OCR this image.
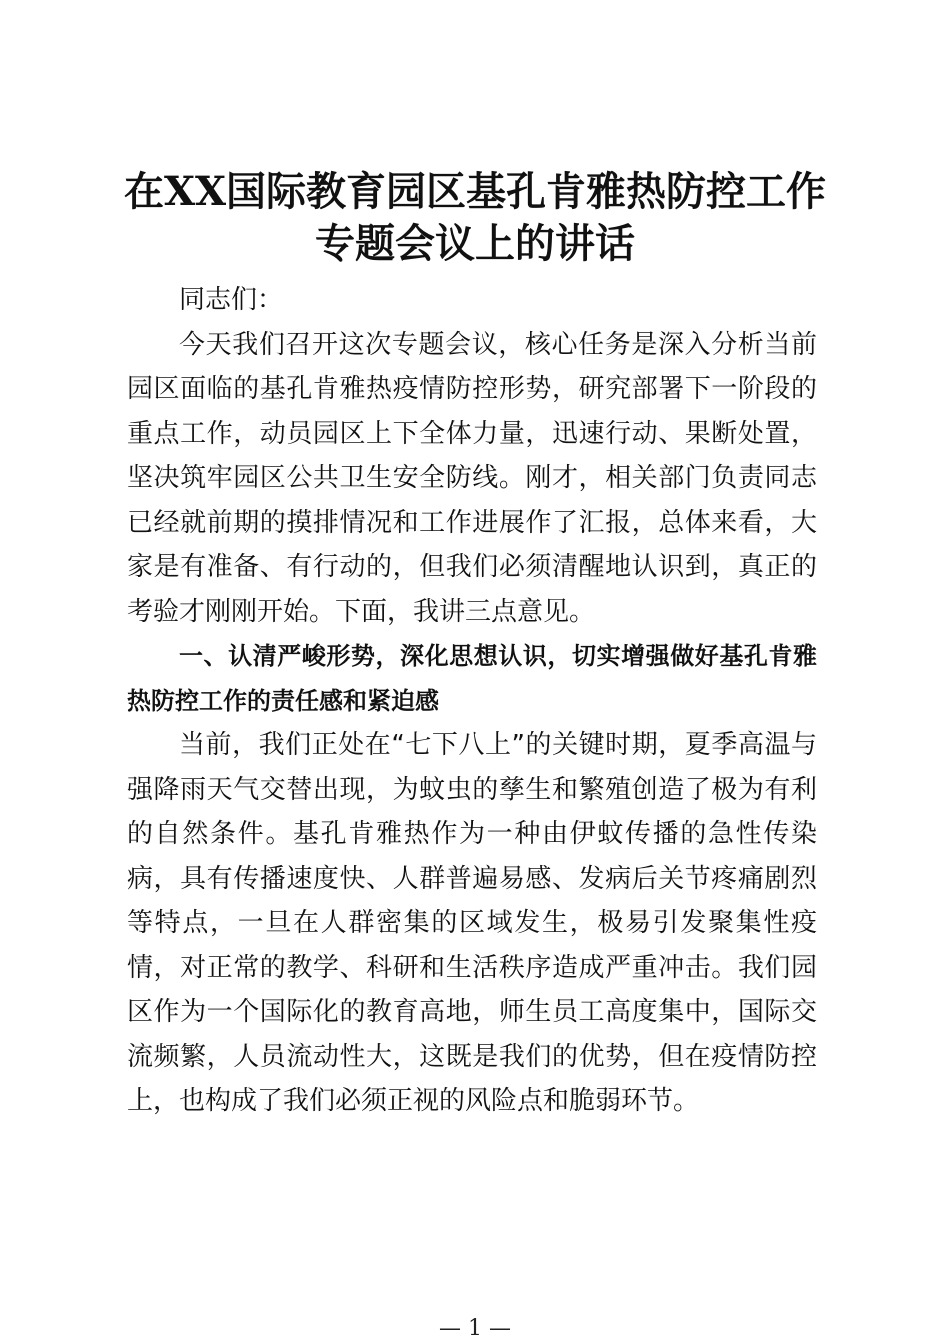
在XX国际教育园区基孔肯雅热防控工作专题会议上的讲话

同志们：

今天我们召开这次专题会议，核心任务是深入分析当前园区面临的基孔肯雅热疫情防控形势，研究部署下一阶段的重点工作，动员园区上下全体力量，迅速行动、果断处置，坚决筑牢园区公共卫生安全防线。刚才，相关部门负责同志已经就前期的摸排情况和工作进展作了汇报，总体来看，大家是有准备、有行动的，但我们必须清醒地认识到，真正的考验才刚刚开始。下面，我讲三点意见。

一、认清严峻形势，深化思想认识，切实增强做好基孔肯雅热防控工作的责任感和紧迫感

当前，我们正处在“七下八上”的关键时期，夏季高温与强降雨天气交替出现，为蚊虫的孳生和繁殖创造了极为有利的自然条件。基孔肯雅热作为一种由伊蚊传播的急性传染病，具有传播速度快、人群普遍易感、发病后关节疼痛剧烈等特点，一旦在人群密集的区域发生，极易引发聚集性疫情，对正常的教学、科研和生活秩序造成严重冲击。我们园区作为一个国际化的教育高地，师生员工高度集中，国际交流频繁，人员流动性大，这既是我们的优势，但在疫情防控上，也构成了我们必须正视的风险点和脆弱环节。

— 1 —
